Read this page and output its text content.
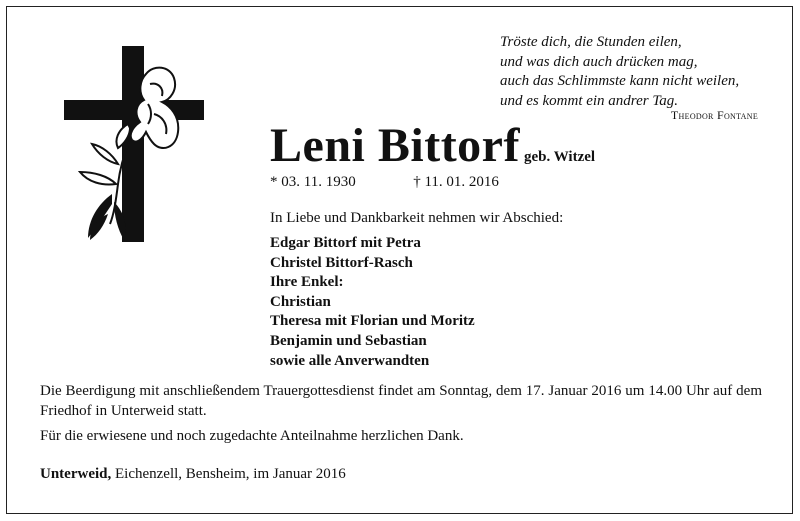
Tröste dich, die Stunden eilen,
und was dich auch drücken mag,
auch das Schlimmste kann nicht weilen,
und es kommt ein andrer Tag.
Theodor Fontane
Leni Bittorf geb. Witzel
* 03. 11. 1930	† 11. 01. 2016
In Liebe und Dankbarkeit nehmen wir Abschied:
Edgar Bittorf mit Petra
Christel Bittorf-Rasch
Ihre Enkel:
Christian
Theresa mit Florian und Moritz
Benjamin und Sebastian
sowie alle Anverwandten
Die Beerdigung mit anschließendem Trauergottesdienst findet am Sonntag, dem 17. Januar 2016 um 14.00 Uhr auf dem Friedhof in Unterweid statt.
Für die erwiesene und noch zugedachte Anteilnahme herzlichen Dank.
Unterweid, Eichenzell, Bensheim, im Januar 2016
